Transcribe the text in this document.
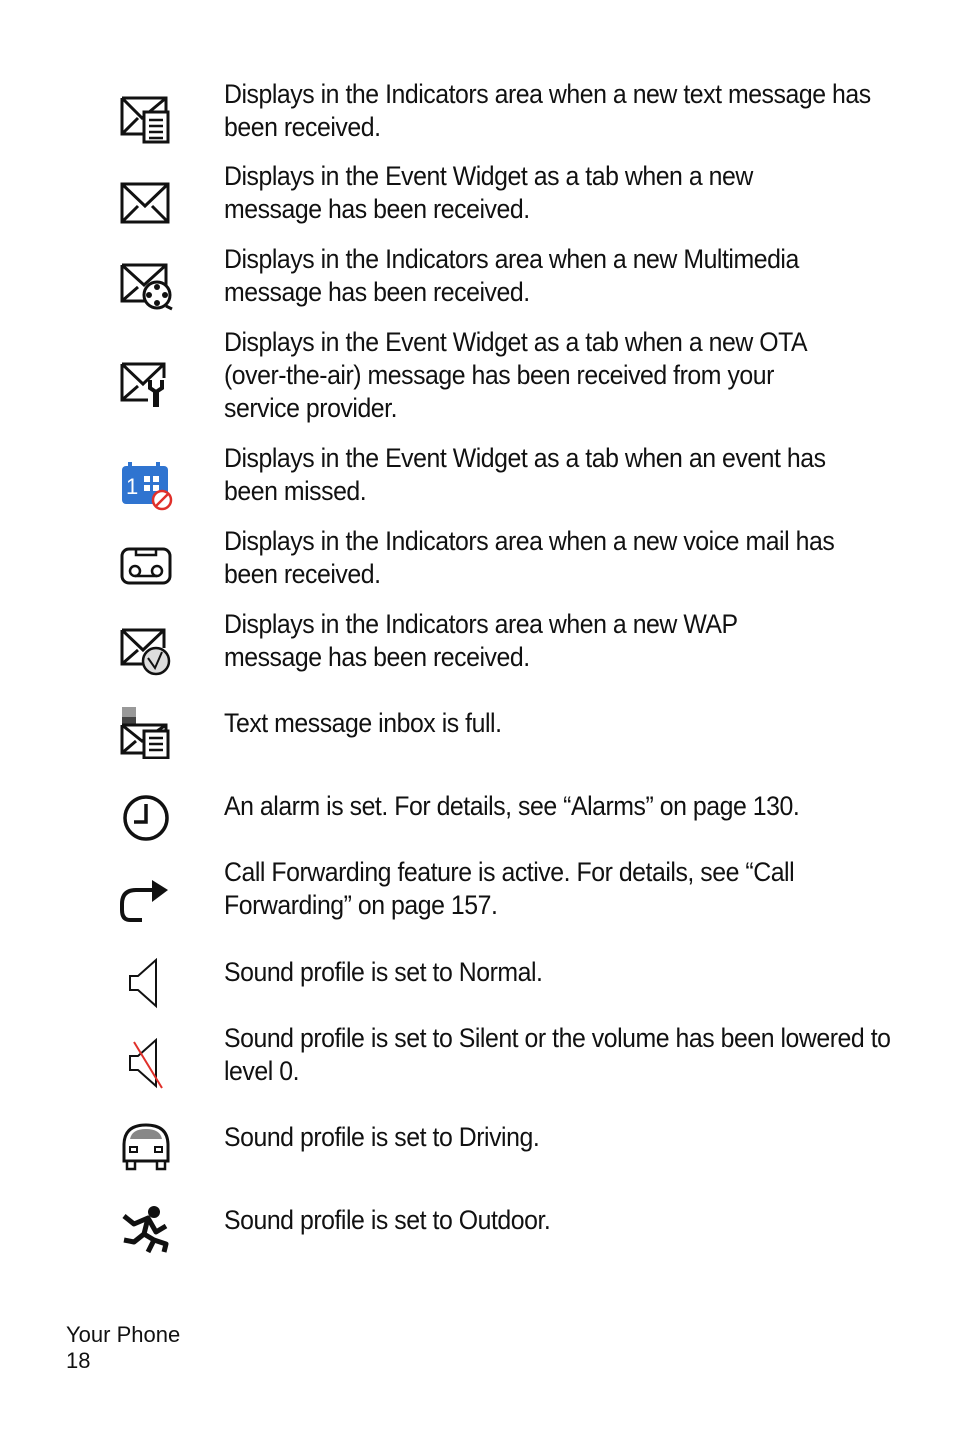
Displays in the Indicators area when a new text message has been received.
Displays in the Event Widget as a tab when a new message has been received.
Displays in the Indicators area when a new Multimedia message has been received.
Displays in the Event Widget as a tab when a new OTA (over-the-air) message has been received from your service provider.
1
Displays in the Event Widget as a tab when an event has been missed.
Displays in the Indicators area when a new voice mail has been received.
Displays in the Indicators area when a new WAP message has been received.
Text message inbox is full.
An alarm is set. For details, see “Alarms” on page 130.
Call Forwarding feature is active. For details, see “Call Forwarding” on page 157.
Sound profile is set to Normal.
Sound profile is set to Silent or the volume has been lowered to level 0.
Sound profile is set to Driving.
Sound profile is set to Outdoor.
Your Phone
18
